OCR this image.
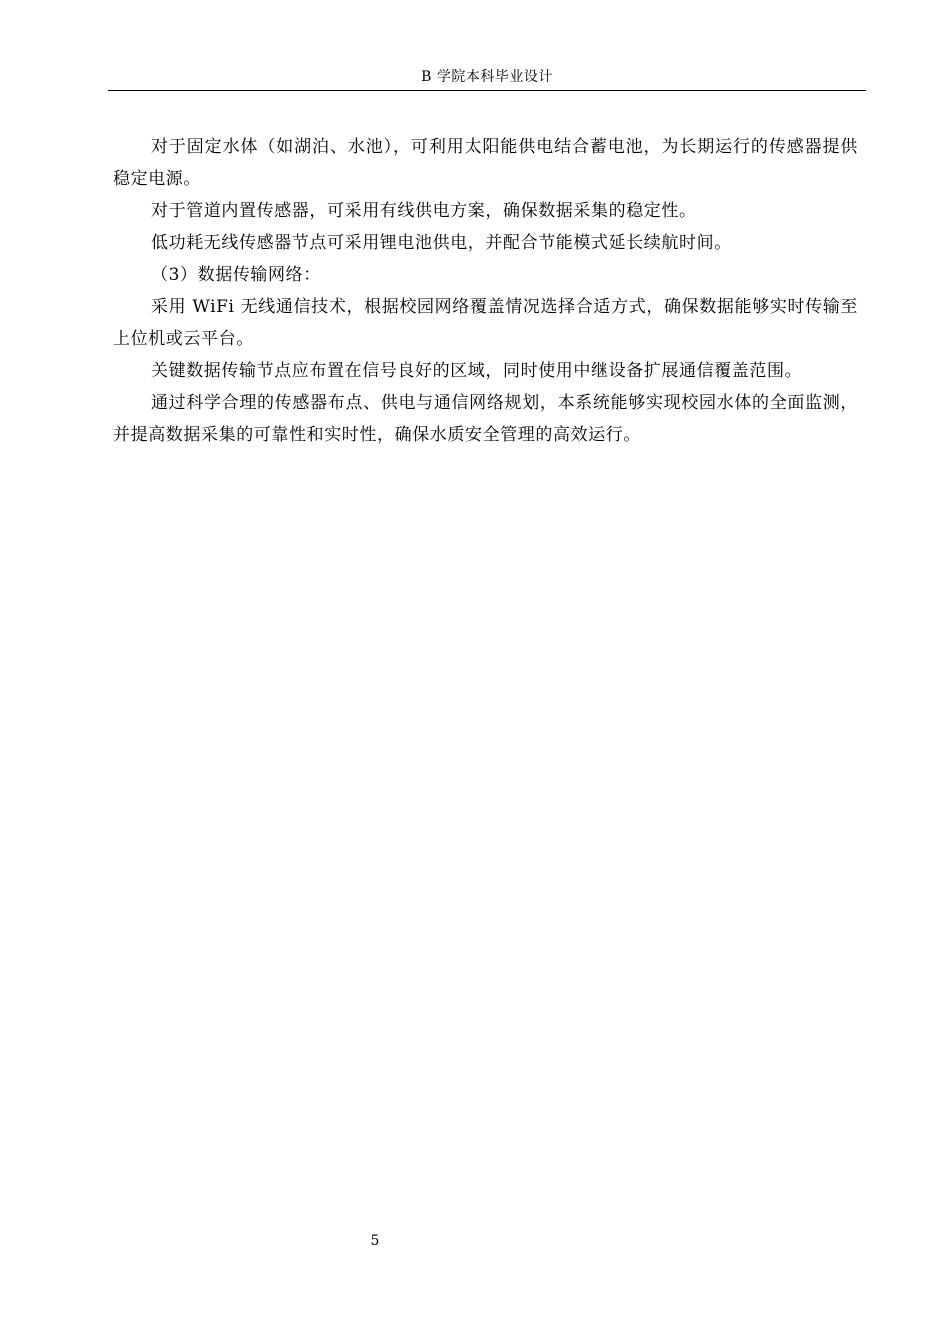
B 学院本科毕业设计

对于固定水体（如湖泊、水池），可利用太阳能供电结合蓄电池，为长期运行的传感器提供稳定电源。

对于管道内置传感器，可采用有线供电方案，确保数据采集的稳定性。

低功耗无线传感器节点可采用锂电池供电，并配合节能模式延长续航时间。

（3）数据传输网络：

采用 WiFi 无线通信技术，根据校园网络覆盖情况选择合适方式，确保数据能够实时传输至上位机或云平台。

关键数据传输节点应布置在信号良好的区域，同时使用中继设备扩展通信覆盖范围。

通过科学合理的传感器布点、供电与通信网络规划，本系统能够实现校园水体的全面监测，并提高数据采集的可靠性和实时性，确保水质安全管理的高效运行。

5
